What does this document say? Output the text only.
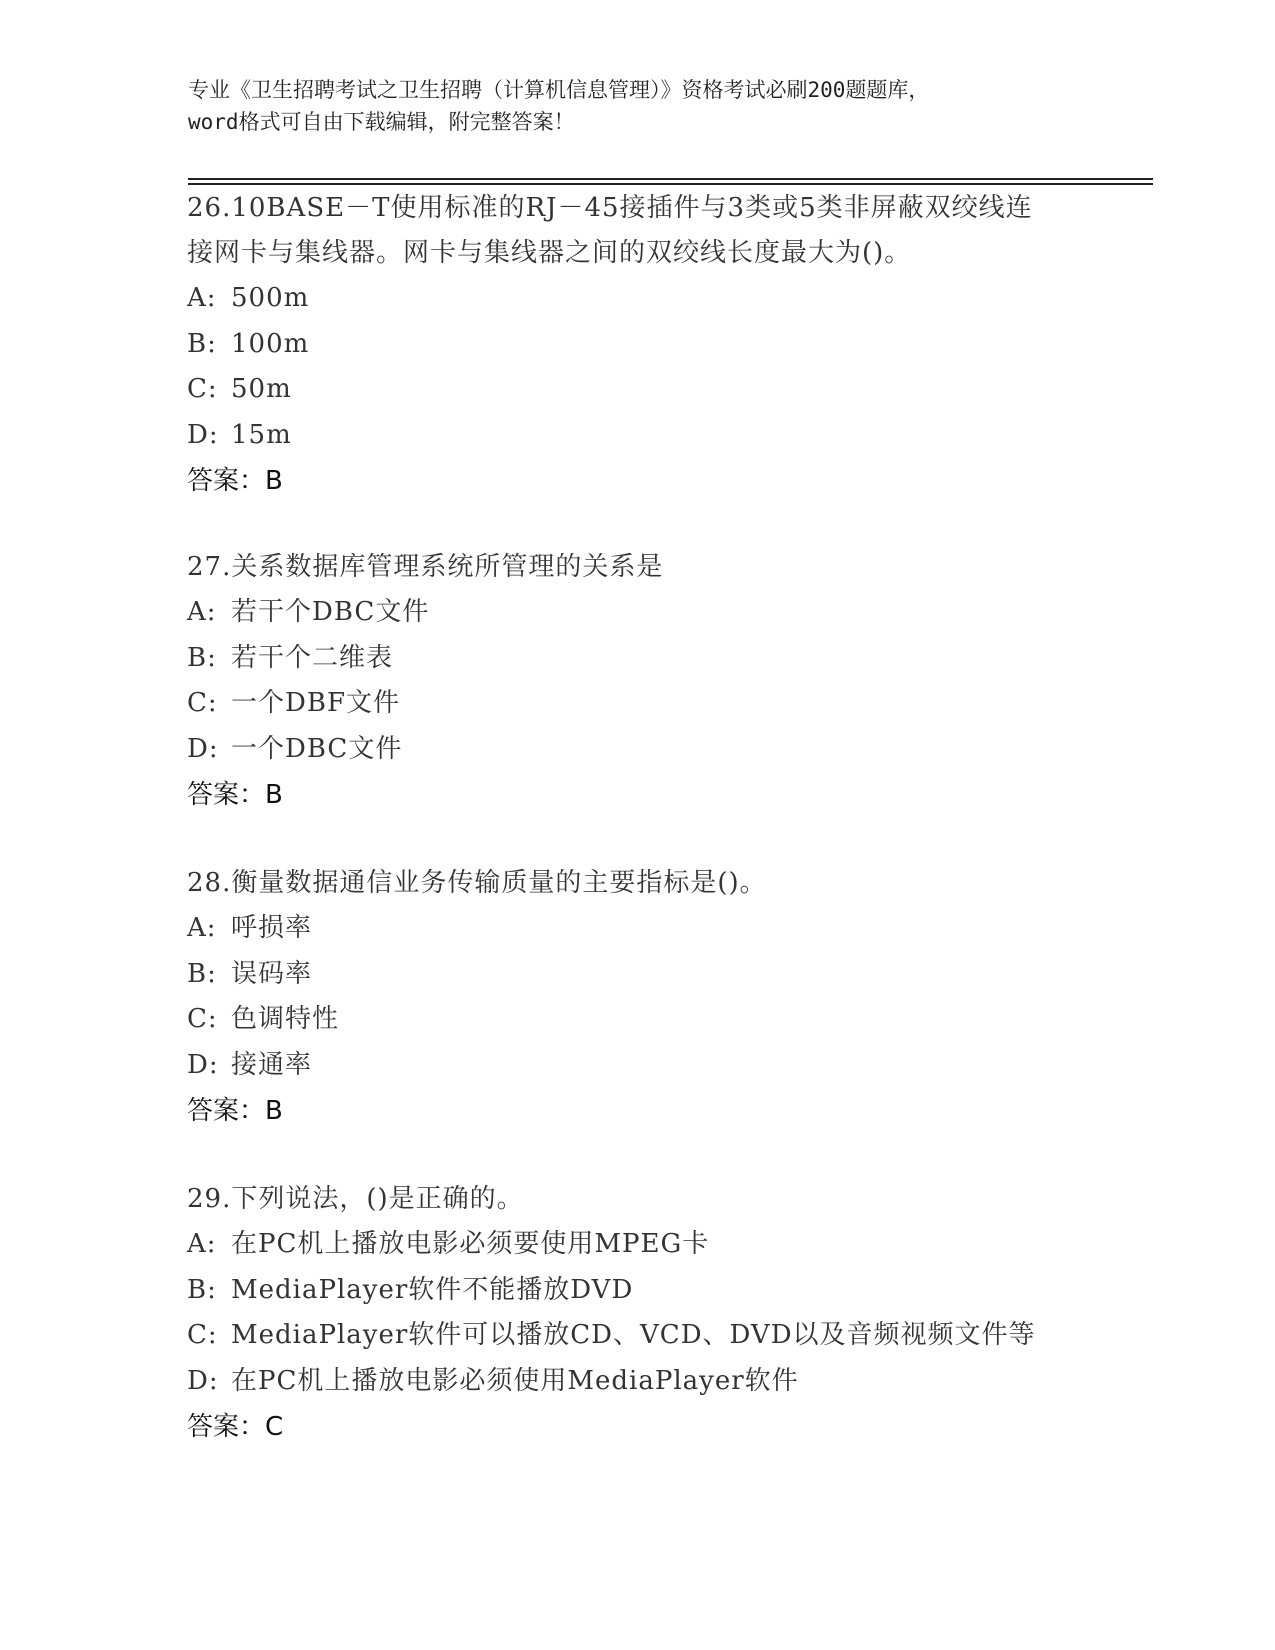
专业《卫生招聘考试之卫生招聘（计算机信息管理）》资格考试必刷200题题库，
word格式可自由下载编辑，附完整答案！
26.10BASE－T使用标准的RJ－45接插件与3类或5类非屏蔽双绞线连
接网卡与集线器。网卡与集线器之间的双绞线长度最大为()。
A: 500m
B: 100m
C: 50m
D: 15m
答案：B
27.关系数据库管理系统所管理的关系是
A: 若干个DBC文件
B: 若干个二维表
C: 一个DBF文件
D: 一个DBC文件
答案：B
28.衡量数据通信业务传输质量的主要指标是()。
A: 呼损率
B: 误码率
C: 色调特性
D: 接通率
答案：B
29.下列说法，()是正确的。
A: 在PC机上播放电影必须要使用MPEG卡
B: MediaPlayer软件不能播放DVD
C: MediaPlayer软件可以播放CD、VCD、DVD以及音频视频文件等
D: 在PC机上播放电影必须使用MediaPlayer软件
答案：C
